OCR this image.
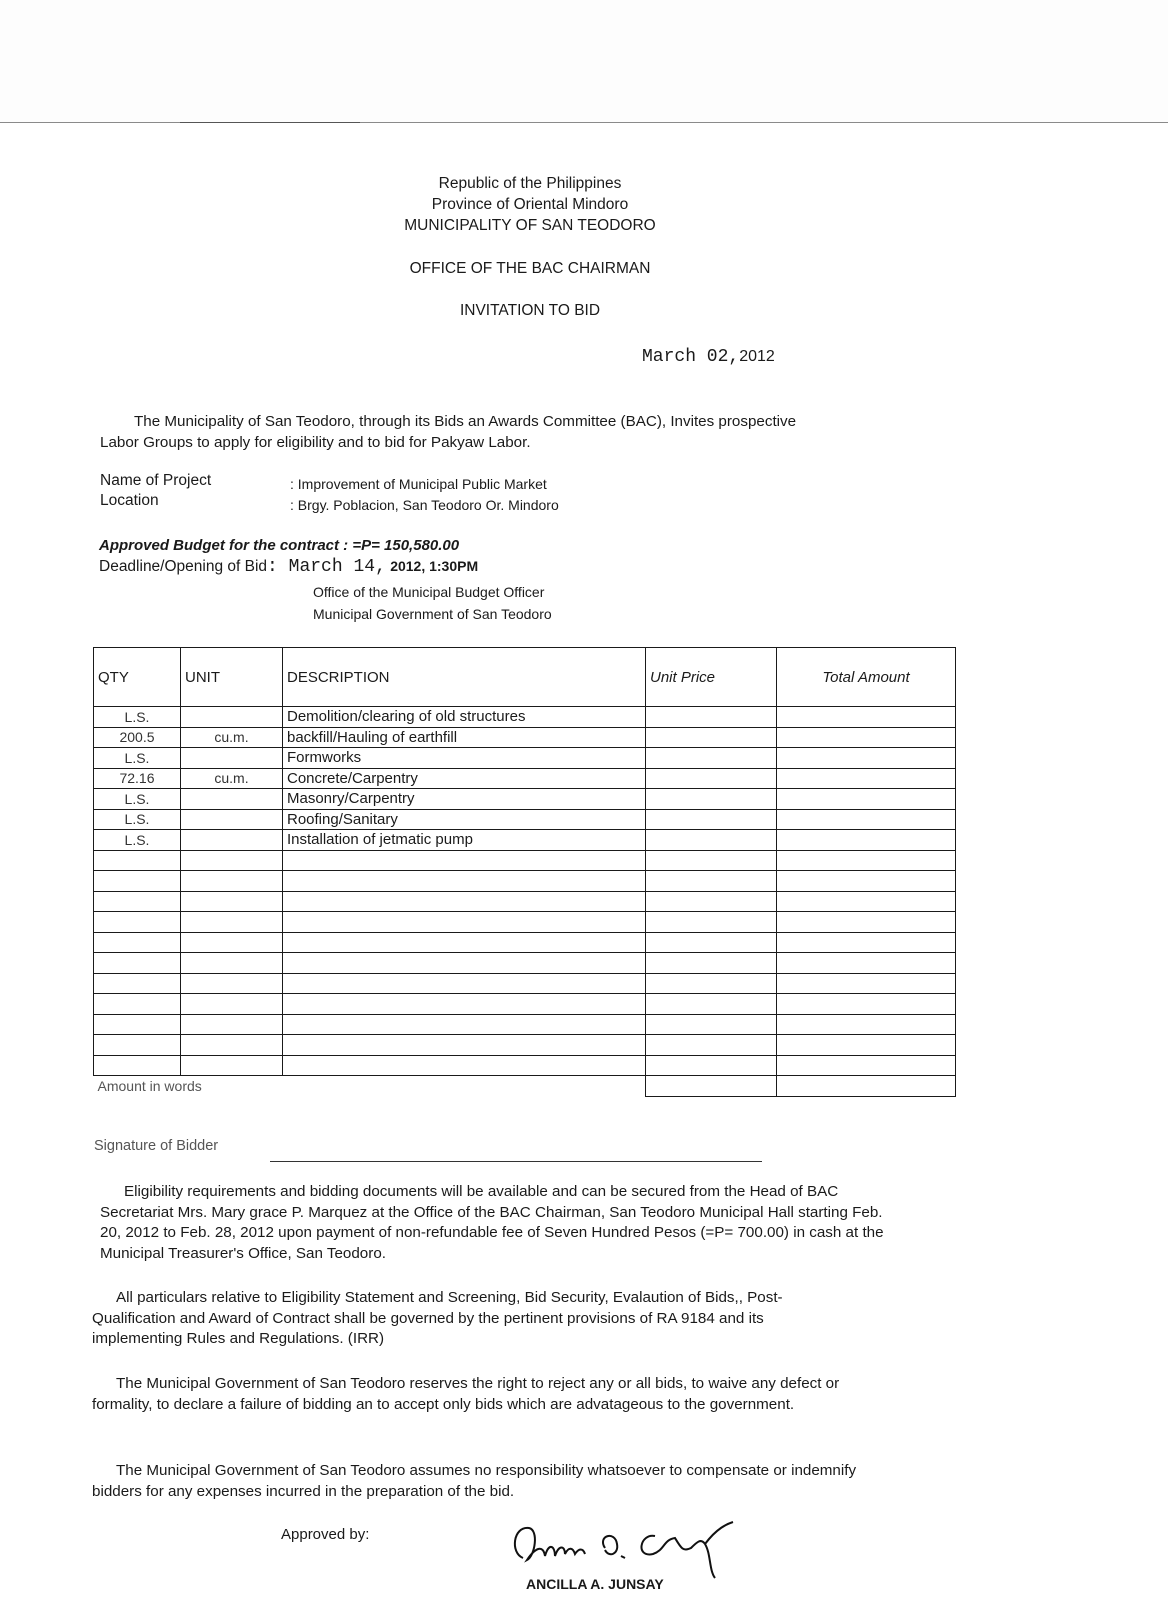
Republic of the Philippines
Province of Oriental Mindoro
MUNICIPALITY OF SAN TEODORO
OFFICE OF THE BAC CHAIRMAN
INVITATION TO BID
March 02,2012
The Municipality of San Teodoro, through its Bids an Awards Committee (BAC), Invites prospective Labor Groups to apply for eligibility and to bid for Pakyaw Labor.
Name of Project	: Improvement of Municipal Public Market
Location	: Brgy. Poblacion, San Teodoro Or. Mindoro
Approved Budget for the contract : =P= 150,580.00
Deadline/Opening of Bid: March 14, 2012, 1:30PM
Office of the Municipal Budget Officer
Municipal Government of San Teodoro
QTY	UNIT	DESCRIPTION	Unit Price	Total Amount
L.S.		Demolition/clearing of old structures		
200.5	cu.m.	backfill/Hauling of earthfill		
L.S.		Formworks		
72.16	cu.m.	Concrete/Carpentry		
L.S.		Masonry/Carpentry		
L.S.		Roofing/Sanitary		
L.S.		Installation of jetmatic pump		

Amount in words				
Signature of Bidder
Eligibility requirements and bidding documents will be available and can be secured from the Head of BAC Secretariat Mrs. Mary grace P. Marquez at the Office of the BAC Chairman, San Teodoro Municipal Hall starting Feb. 20, 2012 to Feb. 28, 2012 upon payment of non-refundable fee of Seven Hundred Pesos (=P= 700.00) in cash at the Municipal Treasurer's Office, San Teodoro.
All particulars relative to Eligibility Statement and Screening, Bid Security, Evalaution of Bids,, Post-Qualification and Award of Contract shall be governed by the pertinent provisions of RA 9184 and its implementing Rules and Regulations. (IRR)
The Municipal Government of San Teodoro reserves the right to reject any or all bids, to waive any defect or formality, to declare a failure of bidding an to accept only bids which are advatageous to the government.
The Municipal Government of San Teodoro assumes no responsibility whatsoever to compensate or indemnify bidders for any expenses incurred in the preparation of the bid.
Approved by:
ANCILLA A. JUNSAY
